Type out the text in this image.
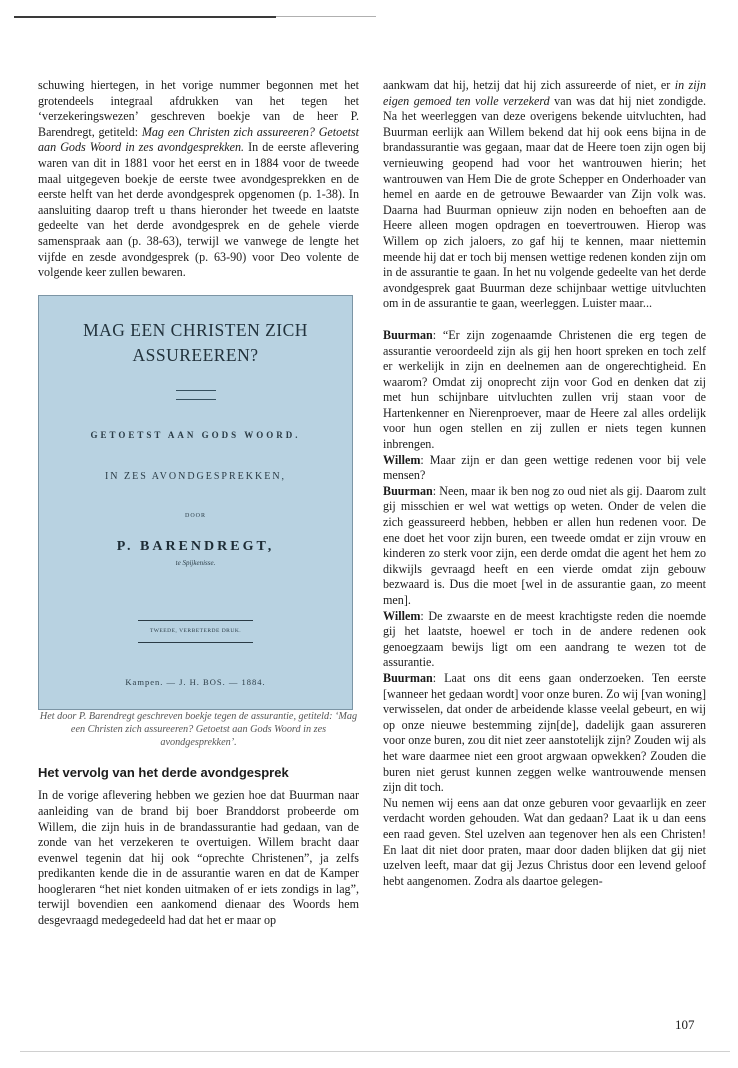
schuwing hiertegen, in het vorige nummer begonnen met het grotendeels integraal afdrukken van het tegen het ‘verzekeringswezen’ geschreven boekje van de heer P. Barendregt, getiteld: Mag een Christen zich assureeren? Getoetst aan Gods Woord in zes avondgesprekken. In de eerste aflevering waren van dit in 1881 voor het eerst en in 1884 voor de tweede maal uitgegeven boekje de eerste twee avondgesprekken en de eerste helft van het derde avondgesprek opgenomen (p. 1-38). In aansluiting daarop treft u thans hieronder het tweede en laatste gedeelte van het derde avondgesprek en de gehele vierde samenspraak aan (p. 38-63), terwijl we vanwege de lengte het vijfde en zesde avondgesprek (p. 63-90) voor Deo volente de volgende keer zullen bewaren.

MAG EEN CHRISTEN ZICH
ASSUREEREN?
GETOETST AAN GODS WOORD.
IN ZES AVONDGESPREKKEN,
DOOR
P. BARENDREGT,
te Spijkenisse.
TWEEDE, VERBETERDE DRUK.
Kampen. — J. H. BOS. — 1884.

Het door P. Barendregt geschreven boekje tegen de assurantie, getiteld: ‘Mag een Christen zich assureeren? Getoetst aan Gods Woord in zes avondgesprekken’.

Het vervolg van het derde avondgesprek

In de vorige aflevering hebben we gezien hoe dat Buurman naar aanleiding van de brand bij boer Branddorst probeerde om Willem, die zijn huis in de brandassurantie had gedaan, van de zonde van het verzekeren te overtuigen. Willem bracht daar evenwel tegenin dat hij ook “oprechte Christenen”, ja zelfs predikanten kende die in de assurantie waren en dat de Kamper hoogleraren “het niet konden uitmaken of er iets zondigs in lag”, terwijl bovendien een aankomend dienaar des Woords hem desgevraagd medegedeeld had dat het er maar op

aankwam dat hij, hetzij dat hij zich assureerde of niet, er in zijn eigen gemoed ten volle verzekerd van was dat hij niet zondigde. Na het weerleggen van deze overigens bekende uitvluchten, had Buurman eerlijk aan Willem bekend dat hij ook eens bijna in de brandassurantie was gegaan, maar dat de Heere toen zijn ogen bij vernieuwing geopend had voor het wantrouwen hierin; het wantrouwen van Hem Die de grote Schepper en Onderhoader van hemel en aarde en de getrouwe Bewaarder van Zijn volk was. Daarna had Buurman opnieuw zijn noden en behoeften aan de Heere alleen mogen opdragen en toevertrouwen. Hierop was Willem op zich jaloers, zo gaf hij te kennen, maar niettemin meende hij dat er toch bij mensen wettige redenen konden zijn om in de assurantie te gaan. In het nu volgende gedeelte van het derde avondgesprek gaat Buurman deze schijnbaar wettige uitvluchten om in de assurantie te gaan, weerleggen. Luister maar...

Buurman: “Er zijn zogenaamde Christenen die erg tegen de assurantie veroordeeld zijn als gij hen hoort spreken en toch zelf er werkelijk in zijn en deelnemen aan de ongerechtigheid. En waarom? Omdat zij onoprecht zijn voor God en denken dat zij met hun schijnbare uitvluchten zullen vrij staan voor de Hartenkenner en Nierenproever, maar de Heere zal alles ordelijk voor hun ogen stellen en zij zullen er niets tegen kunnen inbrengen.

Willem: Maar zijn er dan geen wettige redenen voor bij vele mensen?

Buurman: Neen, maar ik ben nog zo oud niet als gij. Daarom zult gij misschien er wel wat wettigs op weten. Onder de velen die zich geassureerd hebben, hebben er allen hun redenen voor. De ene doet het voor zijn buren, een tweede omdat er zijn vrouw en kinderen zo sterk voor zijn, een derde omdat die agent het hem zo dikwijls gevraagd heeft en een vierde omdat zijn gebouw bezwaard is. Dus die moet [wel in de assurantie gaan, zo meent men].

Willem: De zwaarste en de meest krachtigste reden die noemde gij het laatste, hoewel er toch in de andere redenen ook genoegzaam bewijs ligt om een aandrang te wezen tot de assurantie.

Buurman: Laat ons dit eens gaan onderzoeken. Ten eerste [wanneer het gedaan wordt] voor onze buren. Zo wij [van woning] verwisselen, dat onder de arbeidende klasse veelal gebeurt, en wij op onze nieuwe bestemming zijn[de], dadelijk gaan assureren voor onze buren, zou dit niet zeer aanstotelijk zijn? Zouden wij als het ware daarmee niet een groot argwaan opwekken? Zouden die buren niet gerust kunnen zeggen welke wantrouwende mensen zijn dit toch.

Nu nemen wij eens aan dat onze geburen voor gevaarlijk en zeer verdacht worden gehouden. Wat dan gedaan? Laat ik u dan eens een raad geven. Stel uzelven aan tegenover hen als een Christen! En laat dit niet door praten, maar door daden blijken dat gij niet uzelven leeft, maar dat gij Jezus Christus door een levend geloof hebt aangenomen. Zodra als daartoe gelegen-

107
